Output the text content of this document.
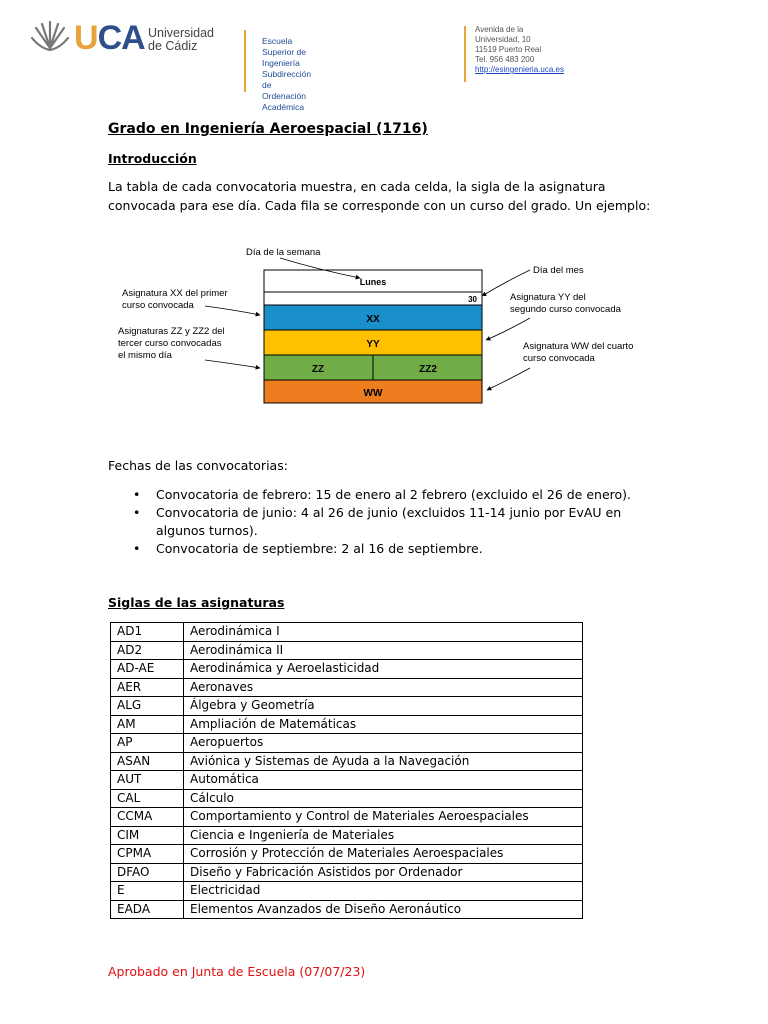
UCA Universidad
de Cádiz	Escuela Superior de Ingeniería
Subdirección de Ordenación Académica
Avenida de la Universidad, 10
11519 Puerto Real
Tel. 956 483 200
http://esingenieria.uca.es
Grado en Ingeniería Aeroespacial (1716)
Introducción
La tabla de cada convocatoria muestra, en cada celda, la sigla de la asignatura convocada para ese día. Cada fila se corresponde con un curso del grado. Un ejemplo:
Lunes
30
XX
YY
ZZ	ZZ2
WW
Día de la semana
Día del mes
Asignatura XX del primer curso convocada
Asignatura YY del segundo curso convocada
Asignaturas ZZ y ZZ2 del tercer curso convocadas el mismo día
Asignatura WW del cuarto curso convocada
Fechas de las convocatorias:
• Convocatoria de febrero: 15 de enero al 2 febrero (excluido el 26 de enero).
• Convocatoria de junio: 4 al 26 de junio (excluidos 11-14 junio por EvAU en algunos turnos).
• Convocatoria de septiembre: 2 al 16 de septiembre.
Siglas de las asignaturas
AD1	Aerodinámica I
AD2	Aerodinámica II
AD-AE	Aerodinámica y Aeroelasticidad
AER	Aeronaves
ALG	Álgebra y Geometría
AM	Ampliación de Matemáticas
AP	Aeropuertos
ASAN	Aviónica y Sistemas de Ayuda a la Navegación
AUT	Automática
CAL	Cálculo
CCMA	Comportamiento y Control de Materiales Aeroespaciales
CIM	Ciencia e Ingeniería de Materiales
CPMA	Corrosión y Protección de Materiales Aeroespaciales
DFAO	Diseño y Fabricación Asistidos por Ordenador
E	Electricidad
EADA	Elementos Avanzados de Diseño Aeronáutico
Aprobado en Junta de Escuela (07/07/23)
